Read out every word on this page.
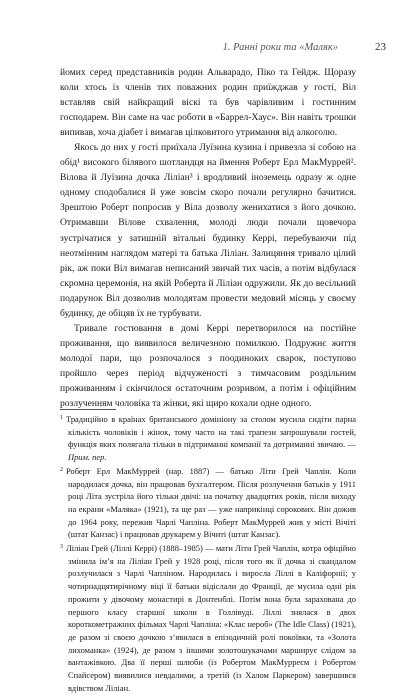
1. Ранні роки та «Маляк»	23

йомих серед представників родин Альварадо, Піко та Гейдж. Щоразу коли хтось із членів тих поважних родин приїжджав у гості, Віл вставляв свій найкращий віскі та був чарівливим і гостинним господарем. Він саме на час роботи в «Баррел-Хаус». Він навіть трошки випивав, хоча діабет і вимагав цілковитого утримання від алкоголю.

Якось до них у гості приїхала Луїзина кузина і привезла зі собою на обід¹ високого білявого шотландця на ймення Роберт Ерл МакМуррей². Вілова й Луїзина дочка Ліліан³ і вродливий іноземець одразу ж одне одному сподобалися й уже зовсім скоро почали регулярно бачитися. Зрештою Роберт попросив у Віла дозволу женихатися з його дочкою. Отримавши Вілове схвалення, молоді люди почали щовечора зустрічатися у затишній вітальні будинку Керрі, перебуваючи під неотмінним наглядом матері та батька Ліліан. Залицяння тривало цілий рік, аж поки Віл вимагав неписаний звичай тих часів, а потім відбулася скромна церемонія, на якій Роберта й Ліліан одружили. Як до весільний подарунок Віл дозволив молодятам провести медовий місяць у своєму будинку, де обіцяв їх не турбувати.

Тривале гостювання в домі Керрі перетворилося на постійне проживання, що виявилося величезною помилкою. Подружнє життя молодої пари, що розпочалося з поодиноких сварок, поступово пройшло через період відчуженості з тимчасовим роздільним проживанням і скінчилося остаточним розривом, а потім і офіційним розлученням чоловіка та жінки, які щиро кохали одне одного.

$^1$ Традиційно в країнах британського домініону за столом мусила сидіти парна кількість чоловіків і жінок, тому часто на такі трапези запрошували гостей, функція яких полягала тільки в підтриманні компанії та дотриманні звичаю. — Прим. пер.

$^2$ Роберт Ерл МакМуррей (нар. 1887) — батько Літи Грей Чаплін. Коли народилася дочка, він працював бухгалтером. Після розлучення батьків у 1911 році Літа зустріла його тільки двічі: на початку двадцятих років, після виходу на екрани «Маляка» (1921), та ще раз — уже наприкінці сорокових. Він дожив до 1964 року, пережив Чарлі Чапліна. Роберт МакМуррей жив у місті Вічіті (штат Канзас) і працював друкарем у Вічиті (штат Канзас).

$^3$ Ліліан Грей (Ліллі Керрі) (1888–1985) — мати Літи Грей Чаплін, котра офіційно змінила ім’я на Ліліан Грей у 1928 році, після того як її дочка зі скандалом розлучилася з Чарлі Чапліном. Народилась і виросла Ліллі в Каліфорнії; у чотирнадцятирічному віці її батьки відіслали до Франції, де мусила одні рік прожити у дівочому монастирі в Донтенблі. Потім вона була зарахована до першого класу старшої школи в Голлівуді. Ліллі знялася в двох короткометражних фільмах Чарлі Чапліна: «Клас нероб» (The Idle Class) (1921), де разом зі своєю дочкою з’явилася в епізодичній ролі покоївки, та «Золота лихоманка» (1924), де разом з іншими золотошукачами марширує слідом за вантажівкою. Два її перші шлюби (із Робертом МакМурреєм і Робертом Спайсером) виявилися невдалими, а третій (із Халом Паркером) завершився вдівством Ліліан.
